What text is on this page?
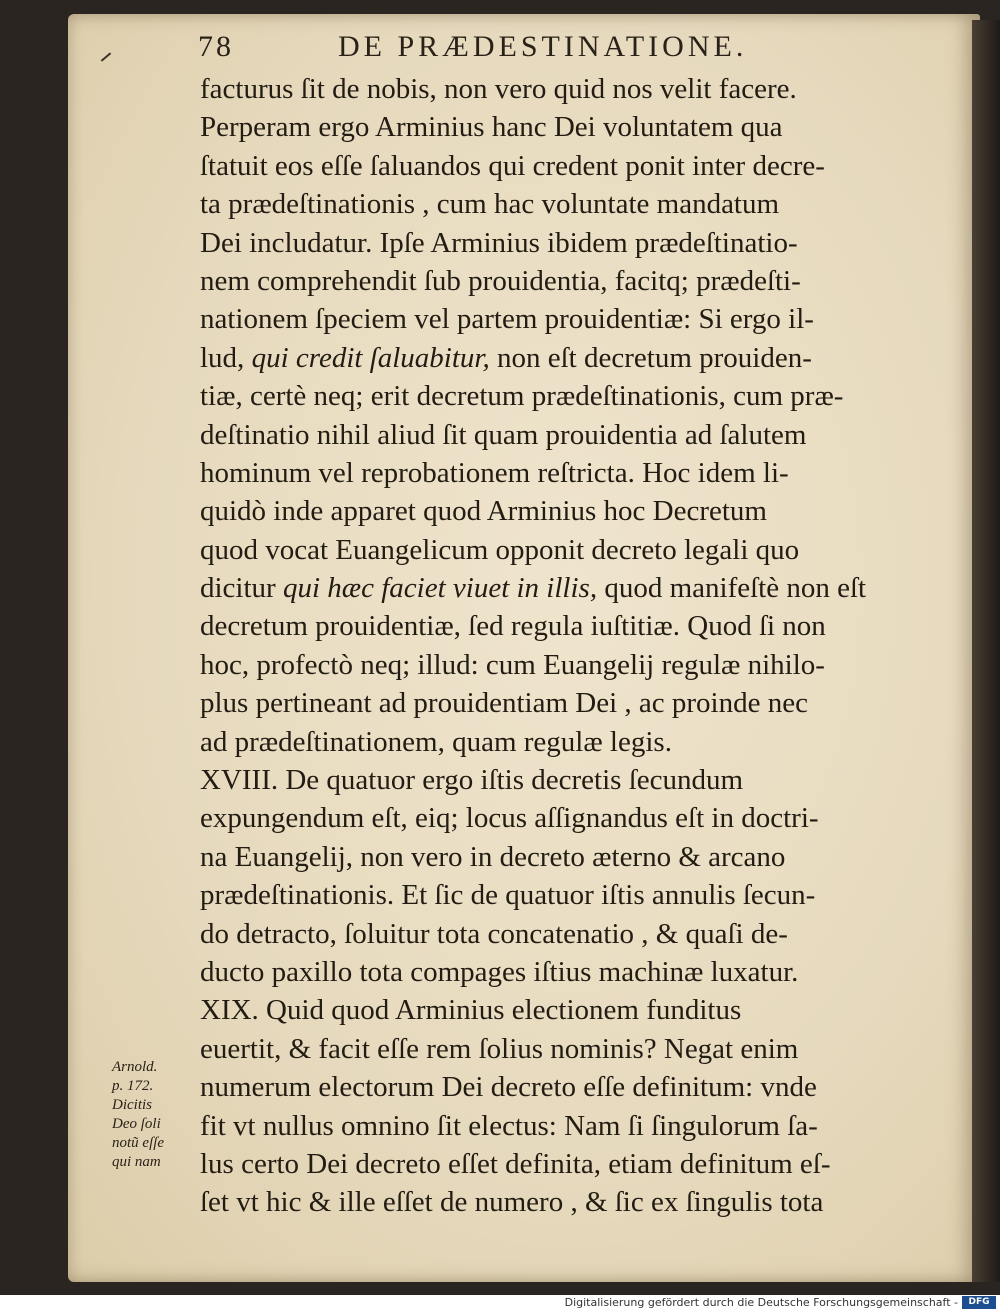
78	DE PRÆDESTINATIONE.
facturus ſit de nobis, non vero quid nos velit facere.
Perperam ergo Arminius hanc Dei voluntatem qua
ſtatuit eos eſſe ſaluandos qui credent ponit inter decre-
ta prædeſtinationis , cum hac voluntate mandatum
Dei includatur. Ipſe Arminius ibidem prædeſtinatio-
nem comprehendit ſub prouidentia, facitq; prædeſti-
nationem ſpeciem vel partem prouidentiæ: Si ergo il-
lud, qui credit ſaluabitur, non eſt decretum prouiden-
tiæ, certè neq; erit decretum prædeſtinationis, cum præ-
deſtinatio nihil aliud ſit quam prouidentia ad ſalutem
hominum vel reprobationem reſtricta. Hoc idem li-
quidò inde apparet quod Arminius hoc Decretum
quod vocat Euangelicum opponit decreto legali quo
dicitur qui hæc faciet viuet in illis, quod manifeſtè non eſt
decretum prouidentiæ, ſed regula iuſtitiæ. Quod ſi non
hoc, profectò neq; illud: cum Euangelij regulæ nihilo-
plus pertineant ad prouidentiam Dei , ac proinde nec
ad prædeſtinationem, quam regulæ legis.
XVIII. De quatuor ergo iſtis decretis ſecundum
expungendum eſt, eiq; locus aſſignandus eſt in doctri-
na Euangelij, non vero in decreto æterno & arcano
prædeſtinationis. Et ſic de quatuor iſtis annulis ſecun-
do detracto, ſoluitur tota concatenatio , & quaſi de-
ducto paxillo tota compages iſtius machinæ luxatur.
XIX. Quid quod Arminius electionem funditus
euertit, & facit eſſe rem ſolius nominis? Negat enim
numerum electorum Dei decreto eſſe definitum: vnde
fit vt nullus omnino ſit electus: Nam ſi ſingulorum ſa-
lus certo Dei decreto eſſet definita, etiam definitum eſ-
ſet vt hic & ille eſſet de numero , & ſic ex ſingulis tota
Arnold.
p. 172.
Dicitis
Deo ſoli
notũ eſſe
qui nam
Digitalisierung gefördert durch die Deutsche Forschungsgemeinschaft -	DFG
